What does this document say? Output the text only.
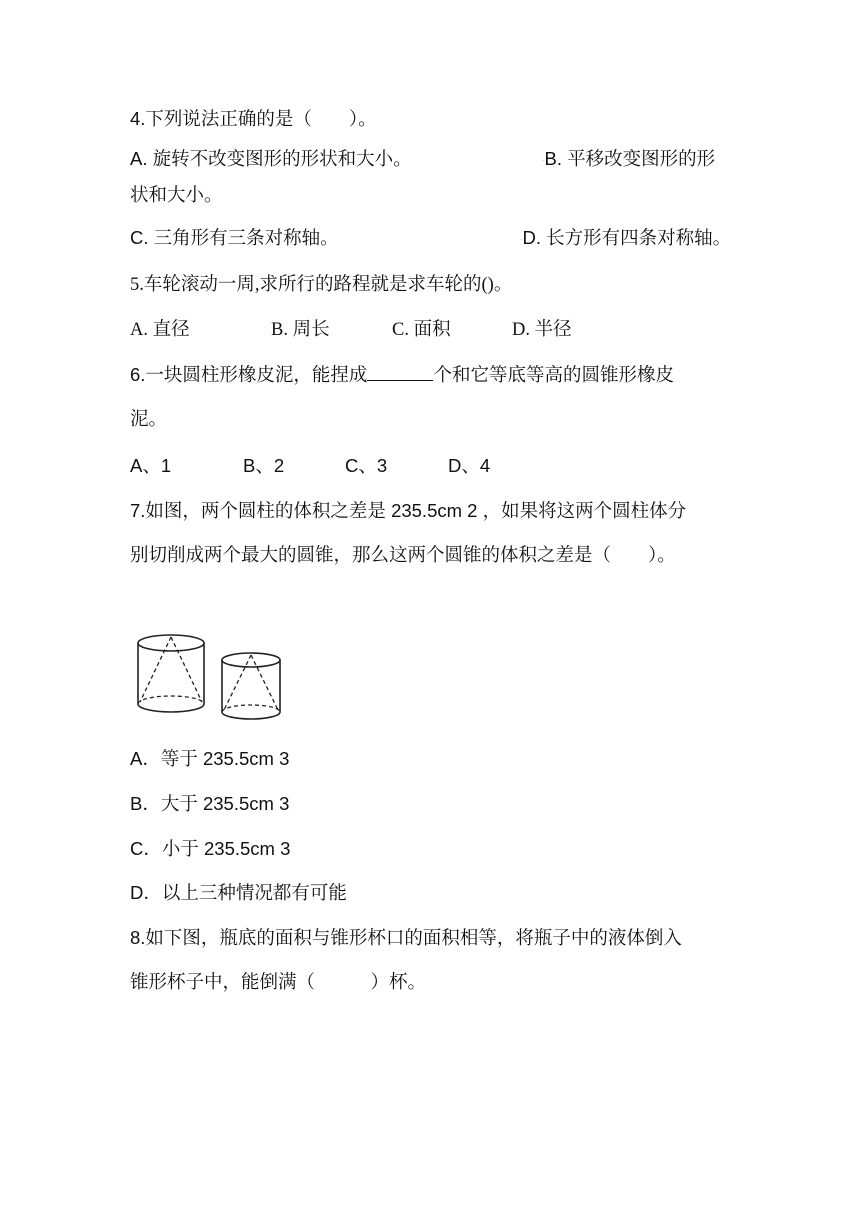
4.下列说法正确的是（　　）。
A. 旋转不改变图形的形状和大小。	.B. 平移改变图形的形
状和大小。
C. 三角形有三条对称轴。	.D. 长方形有四条对称轴。
5.车轮滚动一周,求所行的路程就是求车轮的()。
A. 直径	B. 周长	C. 面积	D. 半径
6.一块圆柱形橡皮泥，能捏成	个和它等底等高的圆锥形橡皮
泥。
A、1	B、2	C、3	D、4
7.如图，两个圆柱的体积之差是 235.5cm 2 ，如果将这两个圆柱体分
别切削成两个最大的圆锥，那么这两个圆锥的体积之差是（　　）。
A．等于 235.5cm 3
B．大于 235.5cm 3
C．小于 235.5cm 3
D．以上三种情况都有可能
8.如下图，瓶底的面积与锥形杯口的面积相等，将瓶子中的液体倒入
锥形杯子中，能倒满（　　　）杯。
